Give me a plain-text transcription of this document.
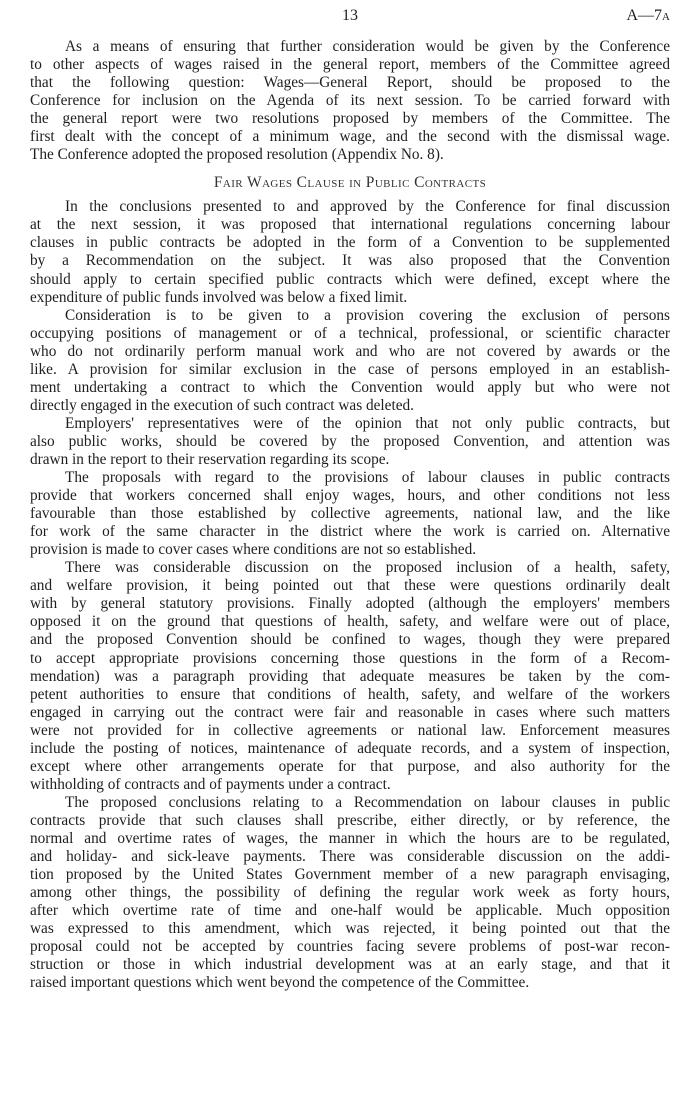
13	A—7A
As a means of ensuring that further consideration would be given by the Conference
to other aspects of wages raised in the general report, members of the Committee agreed
that the following question: Wages—General Report, should be proposed to the
Conference for inclusion on the Agenda of its next session. To be carried forward with
the general report were two resolutions proposed by members of the Committee. The
first dealt with the concept of a minimum wage, and the second with the dismissal wage.
The Conference adopted the proposed resolution (Appendix No. 8).
Fair Wages Clause in Public Contracts
In the conclusions presented to and approved by the Conference for final discussion
at the next session, it was proposed that international regulations concerning labour
clauses in public contracts be adopted in the form of a Convention to be supplemented
by a Recommendation on the subject. It was also proposed that the Convention
should apply to certain specified public contracts which were defined, except where the
expenditure of public funds involved was below a fixed limit.
Consideration is to be given to a provision covering the exclusion of persons
occupying positions of management or of a technical, professional, or scientific character
who do not ordinarily perform manual work and who are not covered by awards or the
like. A provision for similar exclusion in the case of persons employed in an establish-
ment undertaking a contract to which the Convention would apply but who were not
directly engaged in the execution of such contract was deleted.
Employers' representatives were of the opinion that not only public contracts, but
also public works, should be covered by the proposed Convention, and attention was
drawn in the report to their reservation regarding its scope.
The proposals with regard to the provisions of labour clauses in public contracts
provide that workers concerned shall enjoy wages, hours, and other conditions not less
favourable than those established by collective agreements, national law, and the like
for work of the same character in the district where the work is carried on. Alternative
provision is made to cover cases where conditions are not so established.
There was considerable discussion on the proposed inclusion of a health, safety,
and welfare provision, it being pointed out that these were questions ordinarily dealt
with by general statutory provisions. Finally adopted (although the employers' members
opposed it on the ground that questions of health, safety, and welfare were out of place,
and the proposed Convention should be confined to wages, though they were prepared
to accept appropriate provisions concerning those questions in the form of a Recom-
mendation) was a paragraph providing that adequate measures be taken by the com-
petent authorities to ensure that conditions of health, safety, and welfare of the workers
engaged in carrying out the contract were fair and reasonable in cases where such matters
were not provided for in collective agreements or national law. Enforcement measures
include the posting of notices, maintenance of adequate records, and a system of inspection,
except where other arrangements operate for that purpose, and also authority for the
withholding of contracts and of payments under a contract.
The proposed conclusions relating to a Recommendation on labour clauses in public
contracts provide that such clauses shall prescribe, either directly, or by reference, the
normal and overtime rates of wages, the manner in which the hours are to be regulated,
and holiday- and sick-leave payments. There was considerable discussion on the addi-
tion proposed by the United States Government member of a new paragraph envisaging,
among other things, the possibility of defining the regular work week as forty hours,
after which overtime rate of time and one-half would be applicable. Much opposition
was expressed to this amendment, which was rejected, it being pointed out that the
proposal could not be accepted by countries facing severe problems of post-war recon-
struction or those in which industrial development was at an early stage, and that it
raised important questions which went beyond the competence of the Committee.
